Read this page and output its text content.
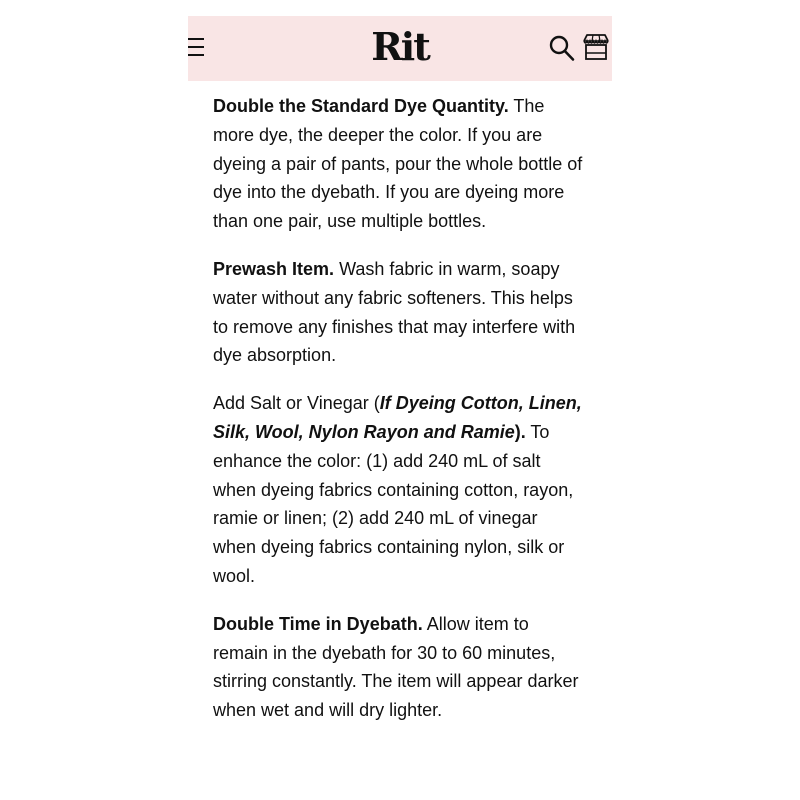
Rit

Double the Standard Dye Quantity. The more dye, the deeper the color. If you are dyeing a pair of pants, pour the whole bottle of dye into the dyebath. If you are dyeing more than one pair, use multiple bottles.

Prewash Item. Wash fabric in warm, soapy water without any fabric softeners. This helps to remove any finishes that may interfere with dye absorption.

Add Salt or Vinegar (If Dyeing Cotton, Linen, Silk, Wool, Nylon Rayon and Ramie). To enhance the color: (1) add 240 mL of salt when dyeing fabrics containing cotton, rayon, ramie or linen; (2) add 240 mL of vinegar when dyeing fabrics containing nylon, silk or wool.

Double Time in Dyebath. Allow item to remain in the dyebath for 30 to 60 minutes, stirring constantly. The item will appear darker when wet and will dry lighter.
